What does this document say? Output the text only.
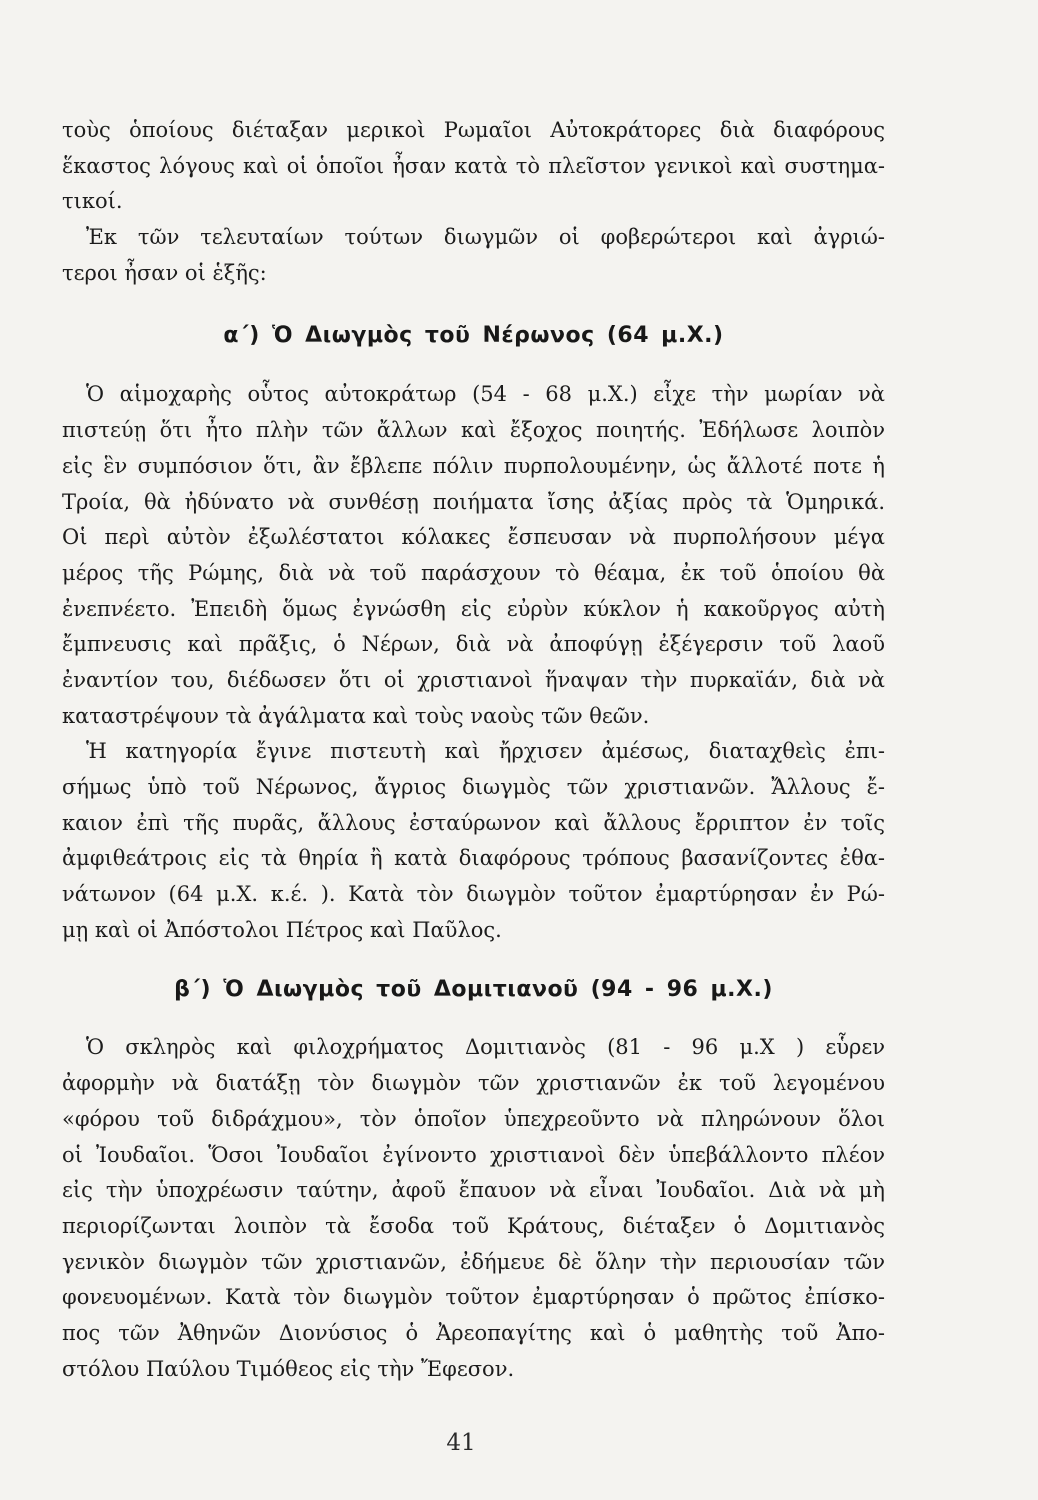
τοὺς ὁποίους διέταξαν μερικοὶ Ρωμαῖοι Αὐτοκράτορες διὰ διαφόρους

ἕκαστος λόγους καὶ οἱ ὁποῖοι ἦσαν κατὰ τὸ πλεῖστον γενικοὶ καὶ συστημα-

τικοί.

Ἐκ τῶν τελευταίων τούτων διωγμῶν οἱ φοβερώτεροι καὶ ἀγριώ-

τεροι ἦσαν οἱ ἑξῆς:

α΄) Ὁ Διωγμὸς τοῦ Νέρωνος (64 μ.Χ.)

Ὁ αἱμοχαρὴς οὗτος αὐτοκράτωρ (54 - 68 μ.Χ.) εἶχε τὴν μωρίαν νὰ

πιστεύῃ ὅτι ἦτο πλὴν τῶν ἄλλων καὶ ἔξοχος ποιητής. Ἐδήλωσε λοιπὸν

εἰς ἓν συμπόσιον ὅτι, ἂν ἔβλεπε πόλιν πυρπολουμένην, ὡς ἄλλοτέ ποτε ἡ

Τροία, θὰ ἠδύνατο νὰ συνθέσῃ ποιήματα ἴσης ἀξίας πρὸς τὰ Ὁμηρικά.

Οἱ περὶ αὐτὸν ἐξωλέστατοι κόλακες ἔσπευσαν νὰ πυρπολήσουν μέγα

μέρος τῆς Ρώμης, διὰ νὰ τοῦ παράσχουν τὸ θέαμα, ἐκ τοῦ ὁποίου θὰ

ἐνεπνέετο. Ἐπειδὴ ὅμως ἐγνώσθη εἰς εὐρὺν κύκλον ἡ κακοῦργος αὐτὴ

ἔμπνευσις καὶ πρᾶξις, ὁ Νέρων, διὰ νὰ ἀποφύγῃ ἐξέγερσιν τοῦ λαοῦ

ἐναντίον του, διέδωσεν ὅτι οἱ χριστιανοὶ ἥναψαν τὴν πυρκαϊάν, διὰ νὰ

καταστρέψουν τὰ ἀγάλματα καὶ τοὺς ναοὺς τῶν θεῶν.

Ἡ κατηγορία ἔγινε πιστευτὴ καὶ ἤρχισεν ἀμέσως, διαταχθεὶς ἐπι-

σήμως ὑπὸ τοῦ Νέρωνος, ἄγριος διωγμὸς τῶν χριστιανῶν. Ἄλλους ἔ-

καιον ἐπὶ τῆς πυρᾶς, ἄλλους ἐσταύρωνον καὶ ἄλλους ἔρριπτον ἐν τοῖς

ἀμφιθεάτροις εἰς τὰ θηρία ἢ κατὰ διαφόρους τρόπους βασανίζοντες ἐθα-

νάτωνον (64 μ.Χ. κ.έ. ). Κατὰ τὸν διωγμὸν τοῦτον ἐμαρτύρησαν ἐν Ρώ-

μῃ καὶ οἱ Ἀπόστολοι Πέτρος καὶ Παῦλος.

β΄) Ὁ Διωγμὸς τοῦ Δομιτιανοῦ (94 - 96 μ.Χ.)

Ὁ σκληρὸς καὶ φιλοχρήματος Δομιτιανὸς (81 - 96 μ.Χ ) εὗρεν

ἀφορμὴν νὰ διατάξῃ τὸν διωγμὸν τῶν χριστιανῶν ἐκ τοῦ λεγομένου

«φόρου τοῦ διδράχμου», τὸν ὁποῖον ὑπεχρεοῦντο νὰ πληρώνουν ὅλοι

οἱ Ἰουδαῖοι. Ὅσοι Ἰουδαῖοι ἐγίνοντο χριστιανοὶ δὲν ὑπεβάλλοντο πλέον

εἰς τὴν ὑποχρέωσιν ταύτην, ἀφοῦ ἔπαυον νὰ εἶναι Ἰουδαῖοι. Διὰ νὰ μὴ

περιορίζωνται λοιπὸν τὰ ἔσοδα τοῦ Κράτους, διέταξεν ὁ Δομιτιανὸς

γενικὸν διωγμὸν τῶν χριστιανῶν, ἐδήμευε δὲ ὅλην τὴν περιουσίαν τῶν

φονευομένων. Κατὰ τὸν διωγμὸν τοῦτον ἐμαρτύρησαν ὁ πρῶτος ἐπίσκο-

πος τῶν Ἀθηνῶν Διονύσιος ὁ Ἀρεοπαγίτης καὶ ὁ μαθητὴς τοῦ Ἀπο-

στόλου Παύλου Τιμόθεος εἰς τὴν Ἔφεσον.

41
